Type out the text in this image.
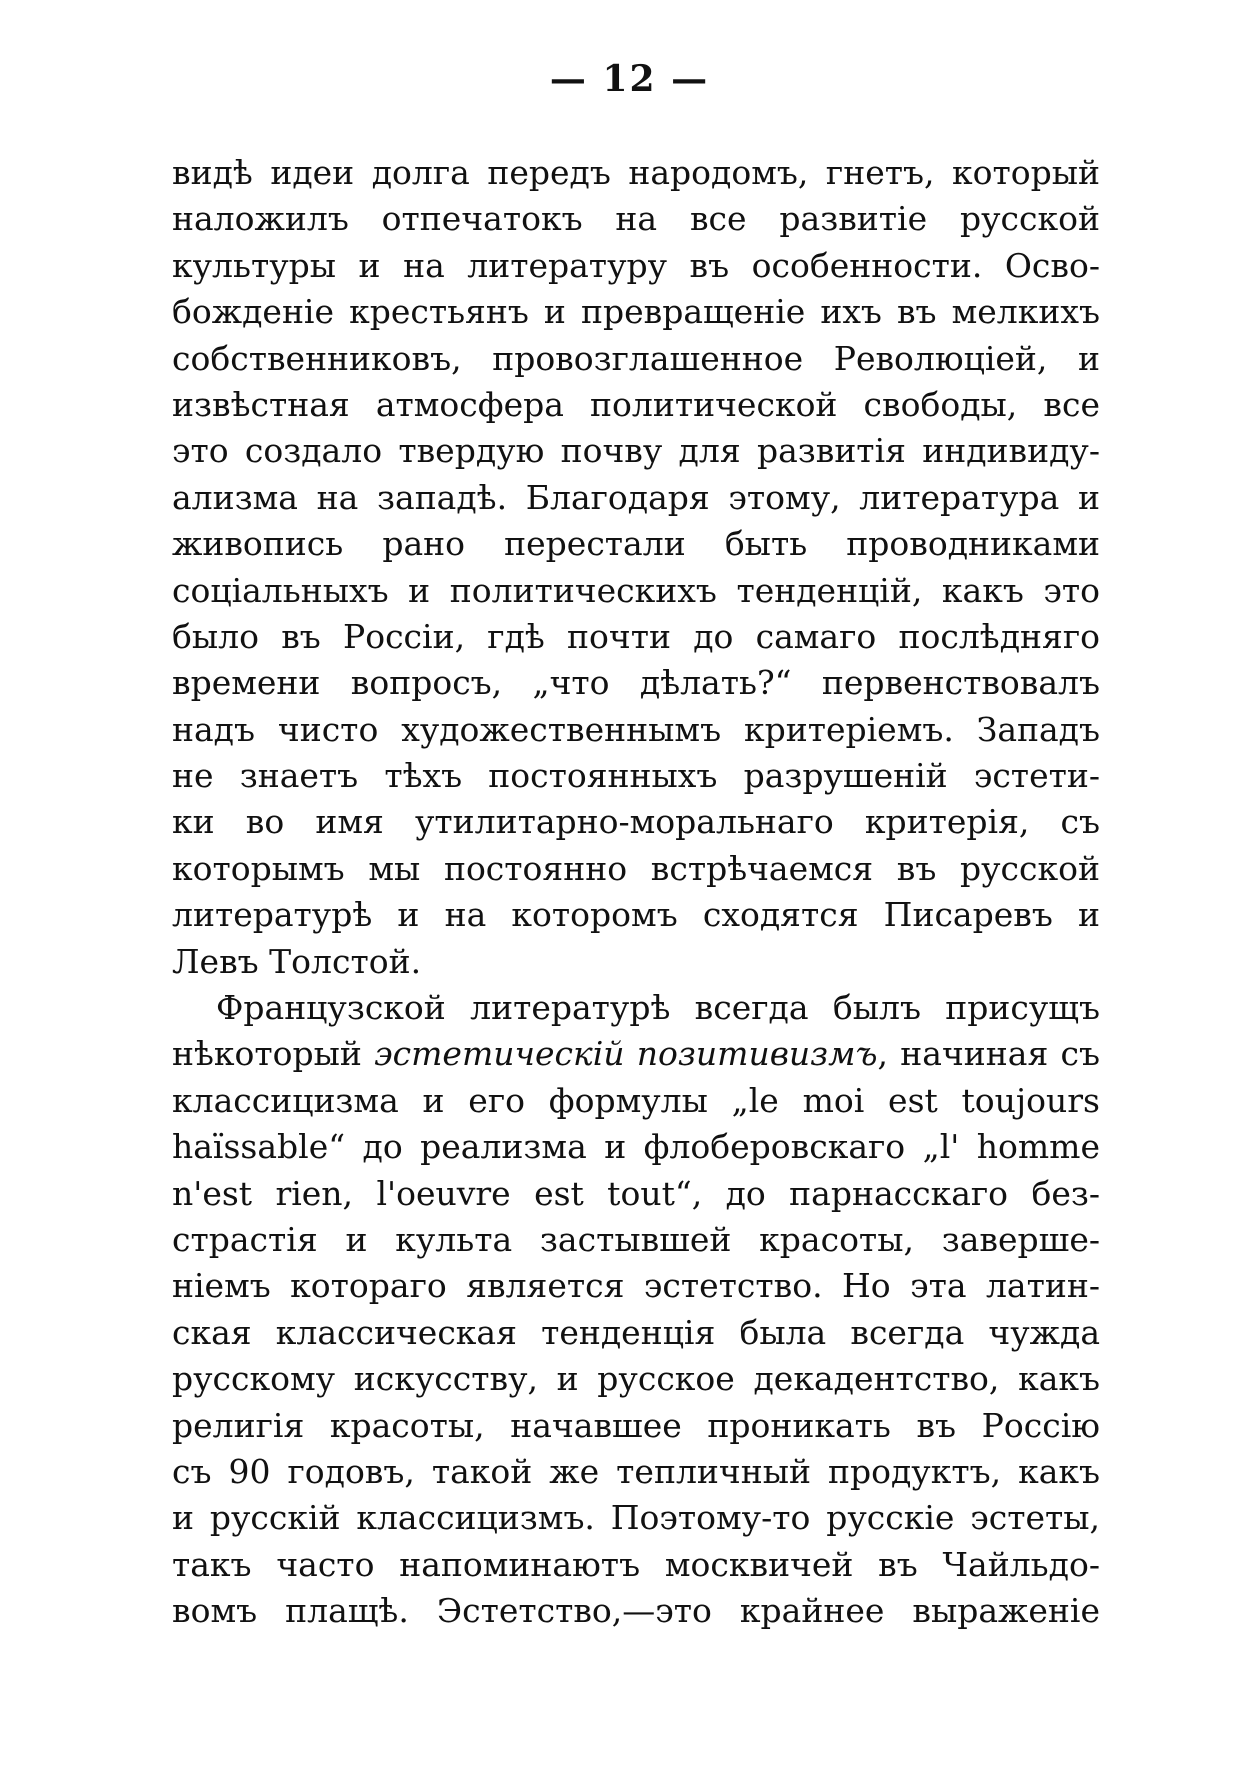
— 12 —
видѣ идеи долга передъ народомъ, гнетъ, который
наложилъ отпечатокъ на все развитіе русской
культуры и на литературу въ особенности. Осво-
божденіе крестьянъ и превращеніе ихъ въ мелкихъ
собственниковъ, провозглашенное Революціей, и
извѣстная атмосфера политической свободы, все
это создало твердую почву для развитія индивиду-
ализма на западѣ. Благодаря этому, литература и
живопись рано перестали быть проводниками
соціальныхъ и политическихъ тенденцій, какъ это
было въ Россіи, гдѣ почти до самаго послѣдняго
времени вопросъ, „что дѣлать?“ первенствовалъ
надъ чисто художественнымъ критеріемъ. Западъ
не знаетъ тѣхъ постоянныхъ разрушеній эстети-
ки во имя утилитарно-моральнаго критерія, съ
которымъ мы постоянно встрѣчаемся въ русской
литературѣ и на которомъ сходятся Писаревъ и
Левъ Толстой.
Французской литературѣ всегда былъ присущъ
нѣкоторый эстетическій позитивизмъ, начиная съ
классицизма и его формулы „le moi est toujours
haïssable“ до реализма и флоберовскаго „l' homme
n'est rien, l'oeuvre est tout“, до парнасскаго без-
страстія и культа застывшей красоты, заверше-
ніемъ котораго является эстетство. Но эта латин-
ская классическая тенденція была всегда чужда
русскому искусству, и русское декадентство, какъ
религія красоты, начавшее проникать въ Россію
съ 90 годовъ, такой же тепличный продуктъ, какъ
и русскій классицизмъ. Поэтому-то русскіе эстеты,
такъ часто напоминаютъ москвичей въ Чайльдо-
вомъ плащѣ. Эстетство,—это крайнее выраженіе
